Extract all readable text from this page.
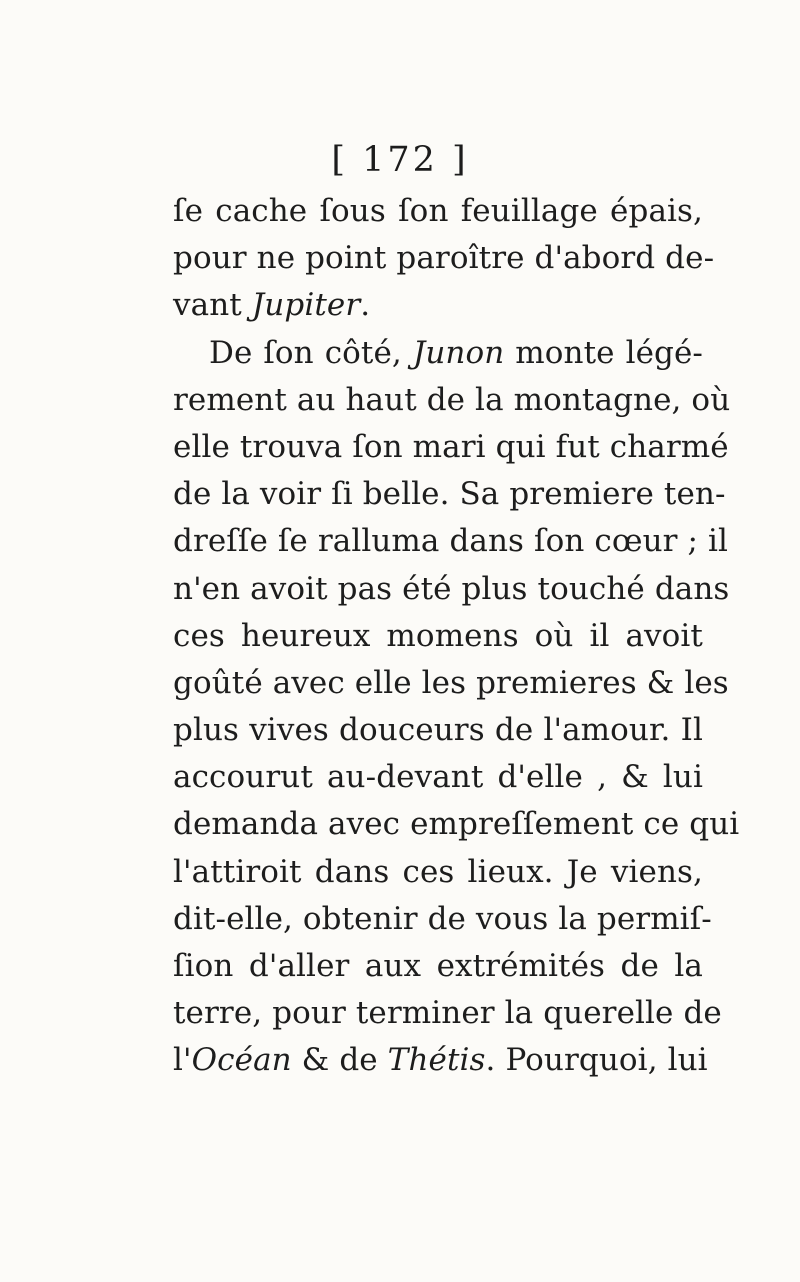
[ 172 ]
ſe cache ſous ſon feuillage épais,
pour ne point paroître d'abord de-
vant Jupiter.
De ſon côté, Junon monte légé-
rement au haut de la montagne, où
elle trouva ſon mari qui fut charmé
de la voir ſi belle. Sa premiere ten-
dreſſe ſe ralluma dans ſon cœur ; il
n'en avoit pas été plus touché dans
ces heureux momens où il avoit
goûté avec elle les premieres & les
plus vives douceurs de l'amour. Il
accourut au-devant d'elle , & lui
demanda avec empreſſement ce qui
l'attiroit dans ces lieux. Je viens,
dit-elle, obtenir de vous la permiſ-
ſion d'aller aux extrémités de la
terre, pour terminer la querelle de
l'Océan & de Thétis. Pourquoi, lui
